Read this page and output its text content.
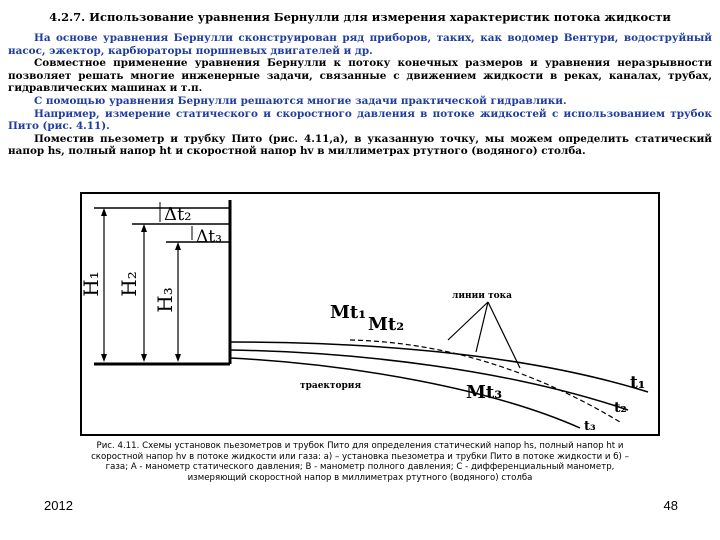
4.2.7. Использование уравнения Бернулли для измерения характеристик потока жидкости

На основе уравнения Бернулли сконструирован ряд приборов, таких, как водомер Вентури, водоструйный насос, эжектор, карбюраторы поршневых двигателей и др.

Совместное применение уравнения Бернулли к потоку конечных размеров и уравнения неразрывности позволяет решать многие инженерные задачи, связанные с движением жидкости в реках, каналах, трубах, гидравлических машинах и т.п.

С помощью уравнения Бернулли решаются многие задачи практической гидравлики.

Например, измерение статического и скоростного давления в потоке жидкостей с использованием трубок Пито (рис. 4.11).

Поместив пьезометр и трубку Пито (рис. 4.11,а), в указанную точку, мы можем определить статический напор hs, полный напор ht и скоростной напор hv в миллиметрах ртутного (водяного) столба.

Δt₂
Δt₃
H₁ H₂
H₃	линии тока
траектория
Mt₁
Mt₂
Mt₃	t₁
t₂
t₃
Рис. 4.11. Схемы установок пьезометров и трубок Пито для определения статический напор hs, полный напор ht и
скоростной напор hv в потоке жидкости или газа: а) – установка пьезометра и трубки Пито в потоке жидкости и б) –
газа; А - манометр статического давления; В - манометр полного давления; С - дифференциальный манометр,
измеряющий скоростной напор в миллиметрах ртутного (водяного) столба
2012	48
